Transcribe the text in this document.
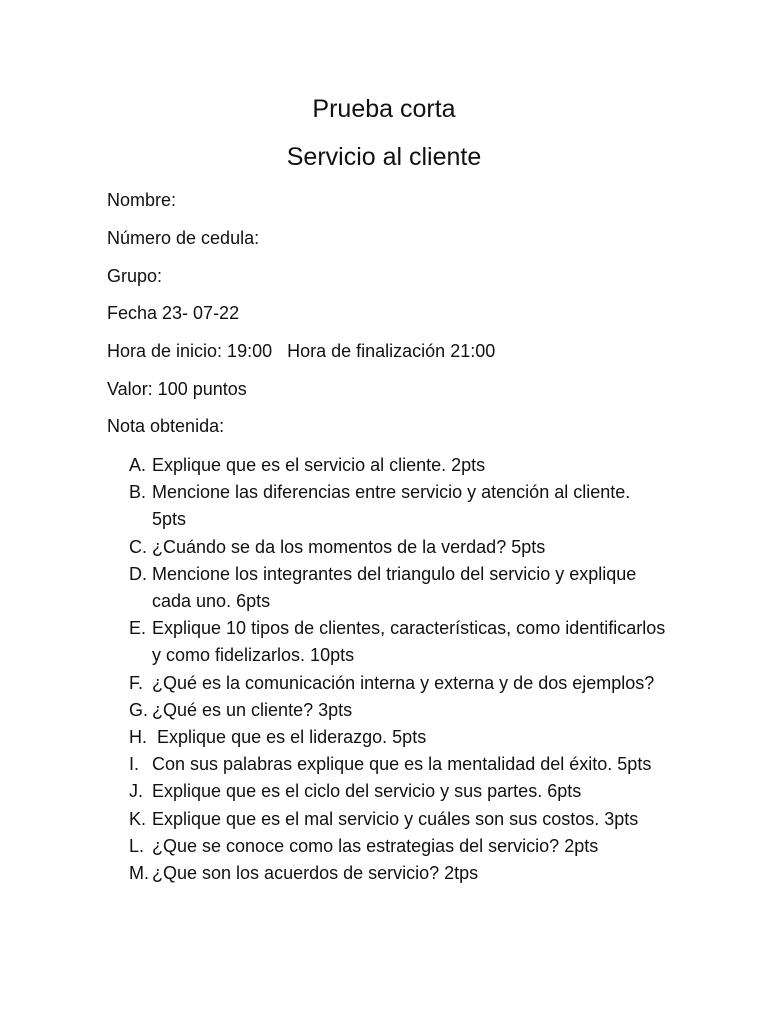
Prueba corta
Servicio al cliente

Nombre:

Número de cedula:

Grupo:

Fecha 23- 07-22

Hora de inicio: 19:00   Hora de finalización 21:00

Valor: 100 puntos

Nota obtenida:

A. Explique que es el servicio al cliente. 2pts
B. Mencione las diferencias entre servicio y atención al cliente. 5pts
C. ¿Cuándo se da los momentos de la verdad? 5pts
D. Mencione los integrantes del triangulo del servicio y explique cada uno. 6pts
E. Explique 10 tipos de clientes, características, como identificarlos y como fidelizarlos. 10pts
F. ¿Qué es la comunicación interna y externa y de dos ejemplos?
G. ¿Qué es un cliente? 3pts
H. Explique que es el liderazgo. 5pts
I. Con sus palabras explique que es la mentalidad del éxito. 5pts
J. Explique que es el ciclo del servicio y sus partes. 6pts
K. Explique que es el mal servicio y cuáles son sus costos. 3pts
L. ¿Que se conoce como las estrategias del servicio? 2pts
M. ¿Que son los acuerdos de servicio? 2tps
